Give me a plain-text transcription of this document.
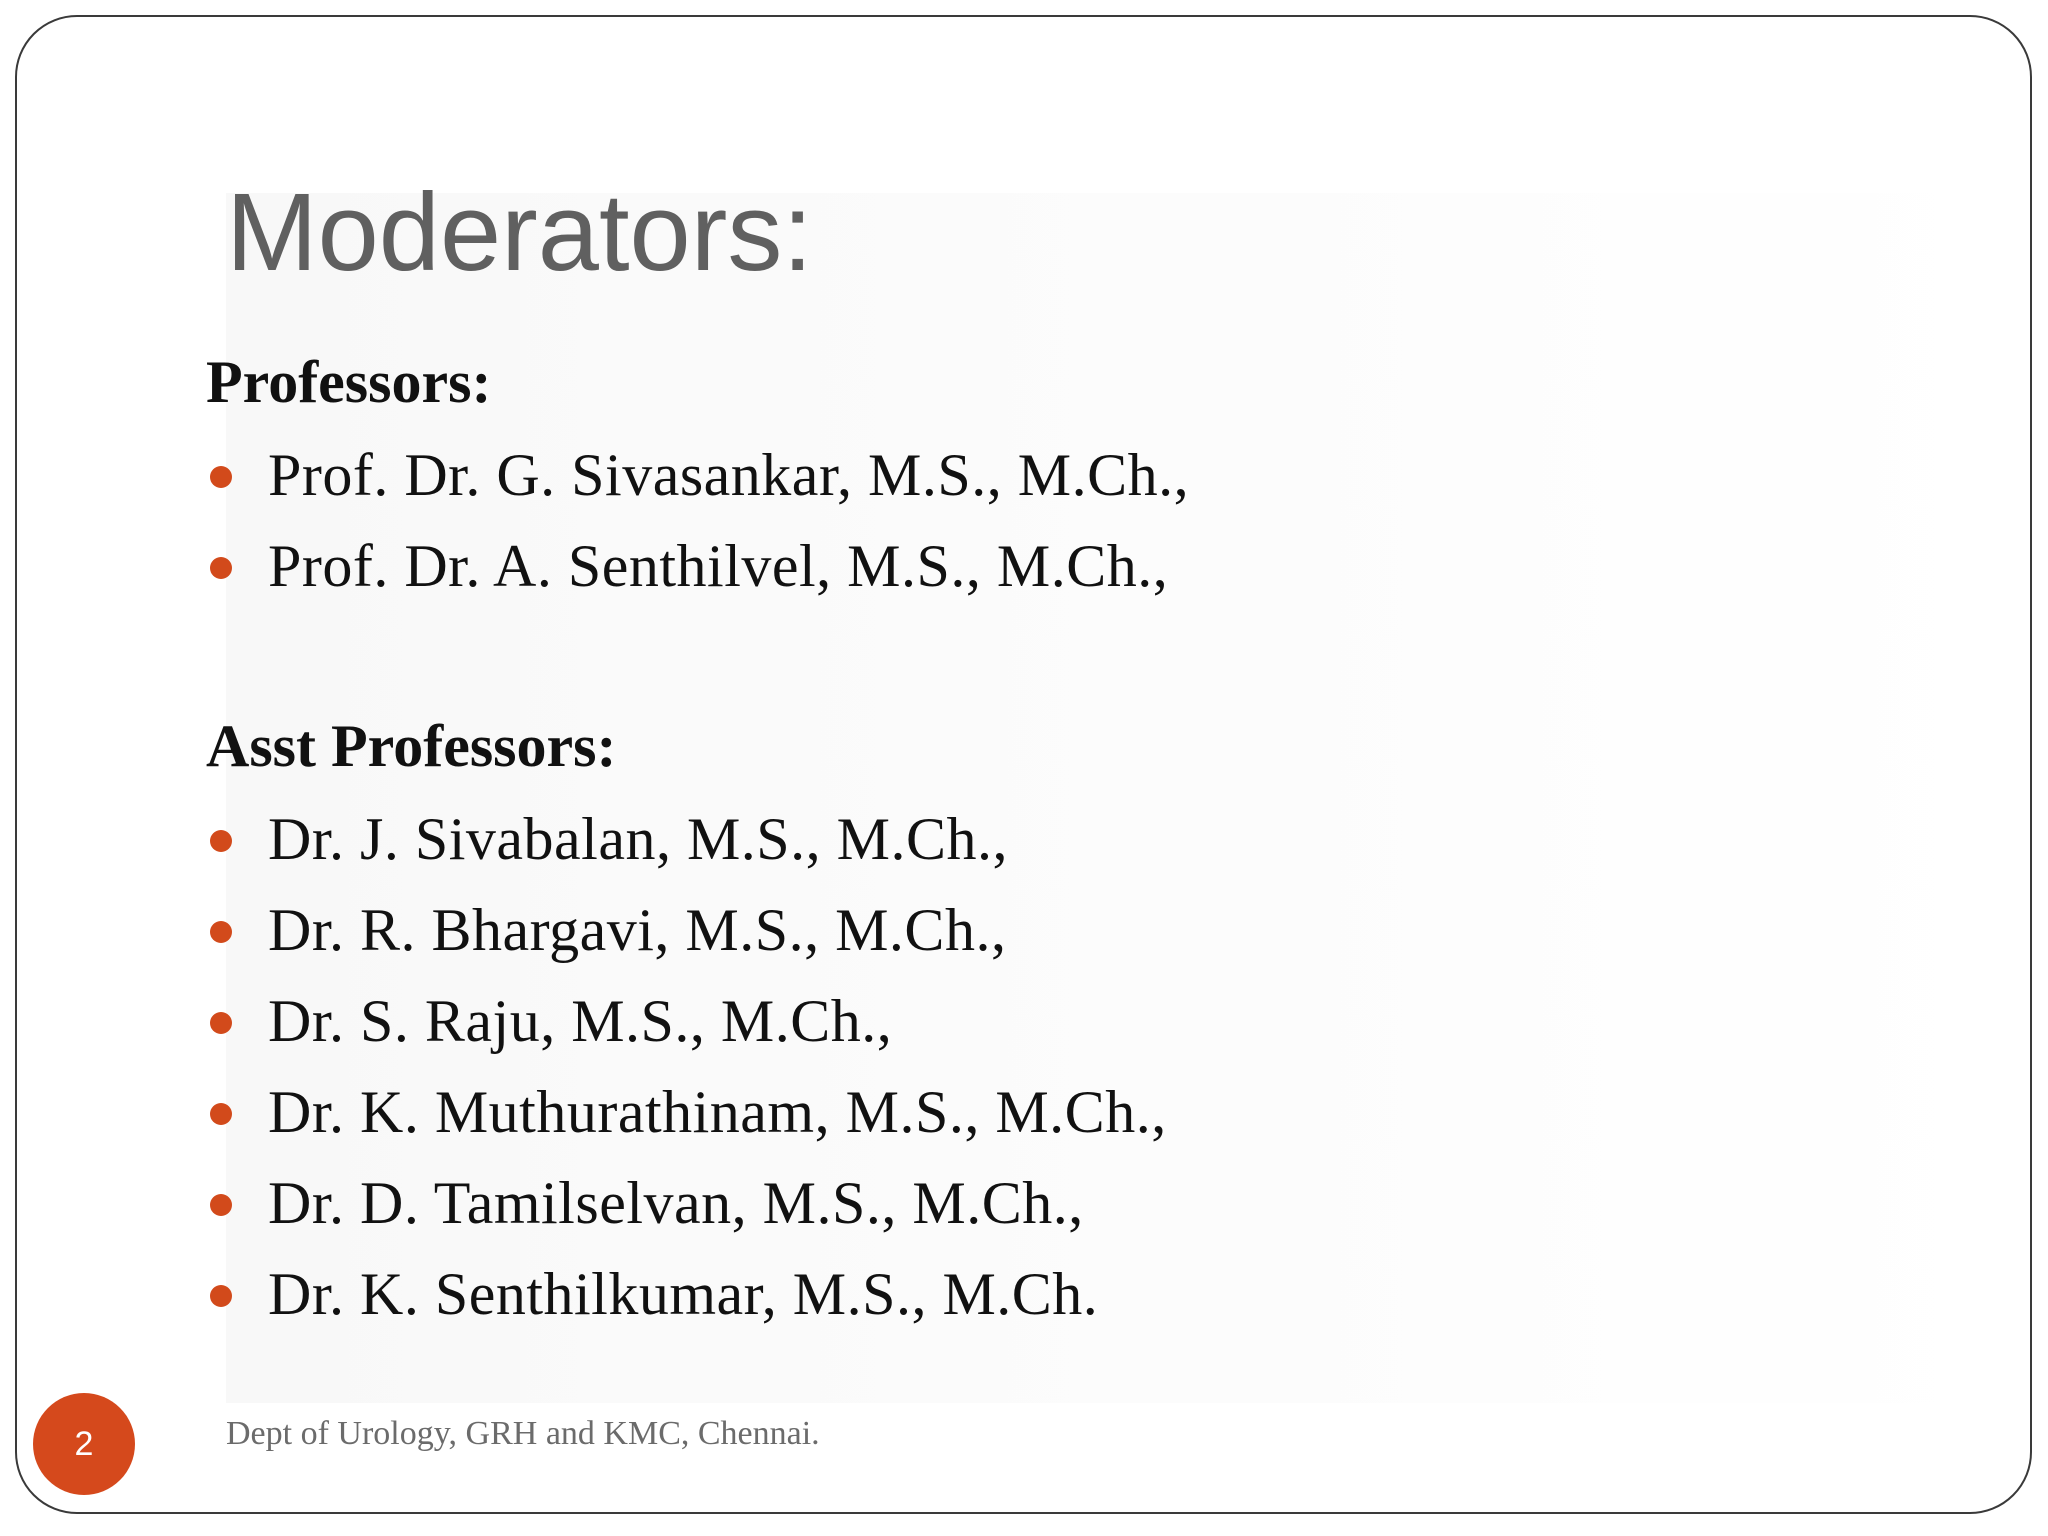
Moderators:
Professors:
Prof. Dr. G. Sivasankar, M.S., M.Ch.,
Prof. Dr. A. Senthilvel, M.S., M.Ch.,
Asst Professors:
Dr. J. Sivabalan, M.S., M.Ch.,
Dr. R. Bhargavi, M.S., M.Ch.,
Dr. S. Raju, M.S., M.Ch.,
Dr. K. Muthurathinam, M.S., M.Ch.,
Dr. D. Tamilselvan, M.S., M.Ch.,
Dr. K. Senthilkumar, M.S., M.Ch.
2	Dept of Urology, GRH and KMC, Chennai.
